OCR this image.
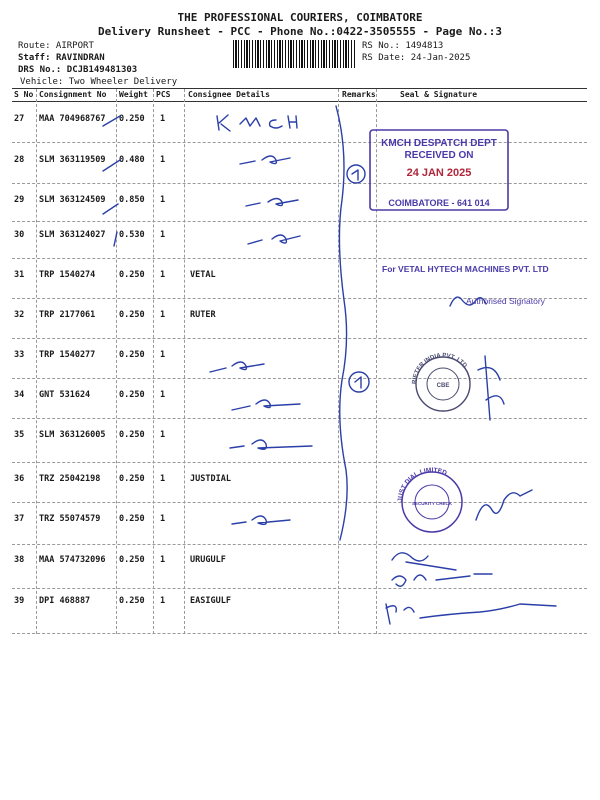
THE PROFESSIONAL COURIERS, COIMBATORE
Delivery Runsheet - PCC - Phone No.:0422-3505555 - Page No.:3
Route: AIRPORT
Staff: RAVINDRAN
DRS No.: DCJB149481303
Vehicle: Two Wheeler Delivery
RS No.: 1494813
RS Date: 24-Jan-2025
S No Consignment No Weight PCS Consignee Details	Remarks	Seal & Signature
27 MAA 704968767 0.250 1
28 SLM 363119509 0.480 1
29 SLM 363124509 0.850 1
30 SLM 363124027 0.530 1
31 TRP 1540274	0.250 1	VETAL
32 TRP 2177061	0.250 1	RUTER
33 TRP 1540277	0.250 1
34 GNT 531624	0.250 1
35 SLM 363126005 0.250 1
36 TRZ 25042198 0.250 1	JUSTDIAL
37 TRZ 55074579 0.250 1
38 MAA 574732096 0.250 1	URUGULF
39 DPI 468887	0.250 1	EASIGULF
KMCH DESPATCH DEPT
RECEIVED ON
24 JAN 2025
COIMBATORE - 641 014
For VETAL HYTECH MACHINES PVT. LTD
Authorised Signatory
RIETER INDIA PVT. LTD.
CBE
JUST DIAL LIMITED
SECURITY CHECK
